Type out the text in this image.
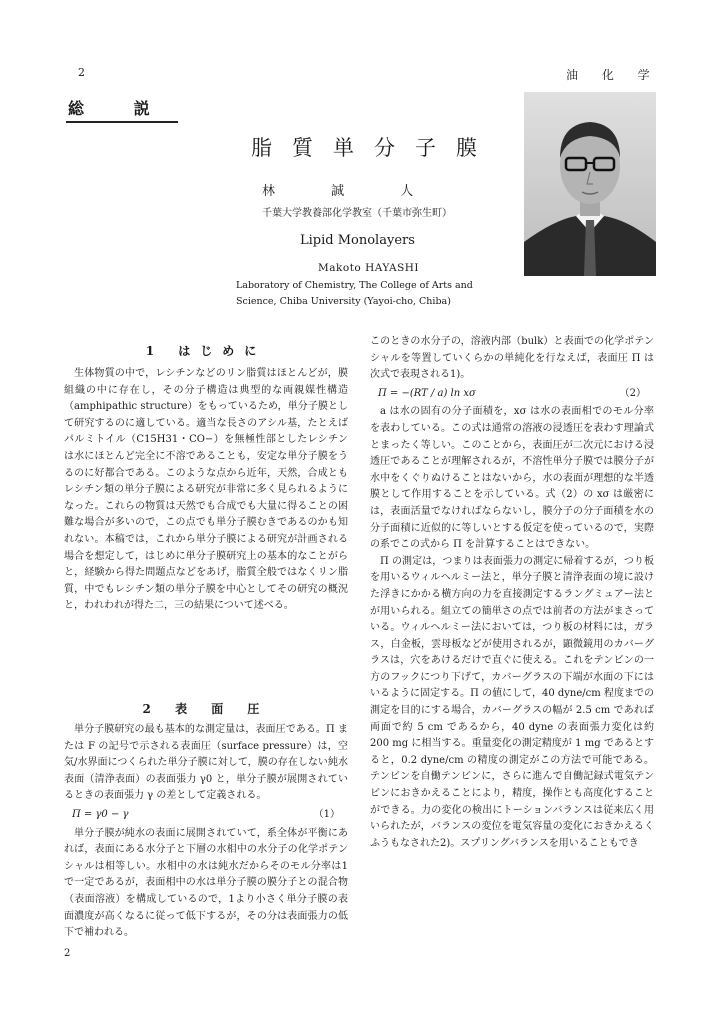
2	油 化 学
総 説
脂質単分子膜
林 誠 人
千葉大学教養部化学教室（千葉市弥生町）
Lipid Monolayers
Makoto HAYASHI
Laboratory of Chemistry, The College of Arts and
Science, Chiba University (Yayoi-cho, Chiba)
1 はじめに

生体物質の中で，レシチンなどのリン脂質はほとんどが，膜組織の中に存在し，その分子構造は典型的な両親媒性構造（amphipathic structure）をもっているため，単分子膜として研究するのに適している。適当な長さのアシル基，たとえばパルミトイル（C15H31・CO−）を無極性部としたレシチンは水にほとんど完全に不溶であることも，安定な単分子膜をうるのに好都合である。このような点から近年，天然，合成ともレシチン類の単分子膜による研究が非常に多く見られるようになった。これらの物質は天然でも合成でも大量に得ることの困難な場合が多いので，この点でも単分子膜むきであるのかも知れない。本稿では，これから単分子膜による研究が計画される場合を想定して，はじめに単分子膜研究上の基本的なことがらと，経験から得た問題点などをあげ，脂質全般ではなくリン脂質，中でもレシチン類の単分子膜を中心としてその研究の概況と，われわれが得た二，三の結果について述べる。

2 表 面 圧

単分子膜研究の最も基本的な測定量は，表面圧である。Π または F の記号で示される表面圧（surface pressure）は，空気/水界面につくられた単分子膜に対して，膜の存在しない純水表面（清浄表面）の表面張力 γ0 と，単分子膜が展開されているときの表面張力 γ の差として定義される。

Π = γ0 − γ	（1）

単分子膜が純水の表面に展開されていて，系全体が平衡にあれば，表面にある水分子と下層の水相中の水分子の化学ポテンシャルは相等しい。水相中の水は純水だからそのモル分率は1で一定であるが，表面相中の水は単分子膜の膜分子との混合物（表面溶液）を構成しているので，1より小さく単分子膜の表面濃度が高くなるに従って低下するが，その分は表面張力の低下で補われる。

このときの水分子の，溶液内部（bulk）と表面での化学ポテンシャルを等置していくらかの単純化を行なえば，表面圧 Π は次式で表現される1)。

Π = −(RT / a) ln xσ	（2）

a は水の固有の分子面積を，xσ は水の表面相でのモル分率を表わしている。この式は通常の溶液の浸透圧を表わす理論式とまったく等しい。このことから，表面圧が二次元における浸透圧であることが理解されるが，不溶性単分子膜では膜分子が水中をくぐりぬけることはないから，水の表面が理想的な半透膜として作用することを示している。式（2）の xσ は厳密には，表面活量でなければならないし，膜分子の分子面積を水の分子面積に近似的に等しいとする仮定を使っているので，実際の系でこの式から Π を計算することはできない。

Π の測定は，つまりは表面張力の測定に帰着するが，つり板を用いるウィルヘルミー法と，単分子膜と清浄表面の境に設けた浮きにかかる横方向の力を直接測定するラングミュアー法とが用いられる。組立ての簡単さの点では前者の方法がまさっている。ウィルヘルミー法においては，つり板の材料には，ガラス，白金板，雲母板などが使用されるが，顕微鏡用のカバーグラスは，穴をあけるだけで直ぐに使える。これをテンビンの一方のフックにつり下げて，カバーグラスの下端が水面の下にはいるように固定する。Π の値にして，40 dyne/cm 程度までの測定を目的にする場合，カバーグラスの幅が 2.5 cm であれば両面で約 5 cm であるから，40 dyne の表面張力変化は約 200 mg に相当する。重量変化の測定精度が 1 mg であるとすると，0.2 dyne/cm の精度の測定がこの方法で可能である。テンビンを自働テンビンに，さらに進んで自働記録式電気テンビンにおきかえることにより，精度，操作とも高度化することができる。力の変化の検出にトーションバランスは従来広く用いられたが，バランスの変位を電気容量の変化におきかえるくふうもなされた2)。スプリングバランスを用いることもでき

2
